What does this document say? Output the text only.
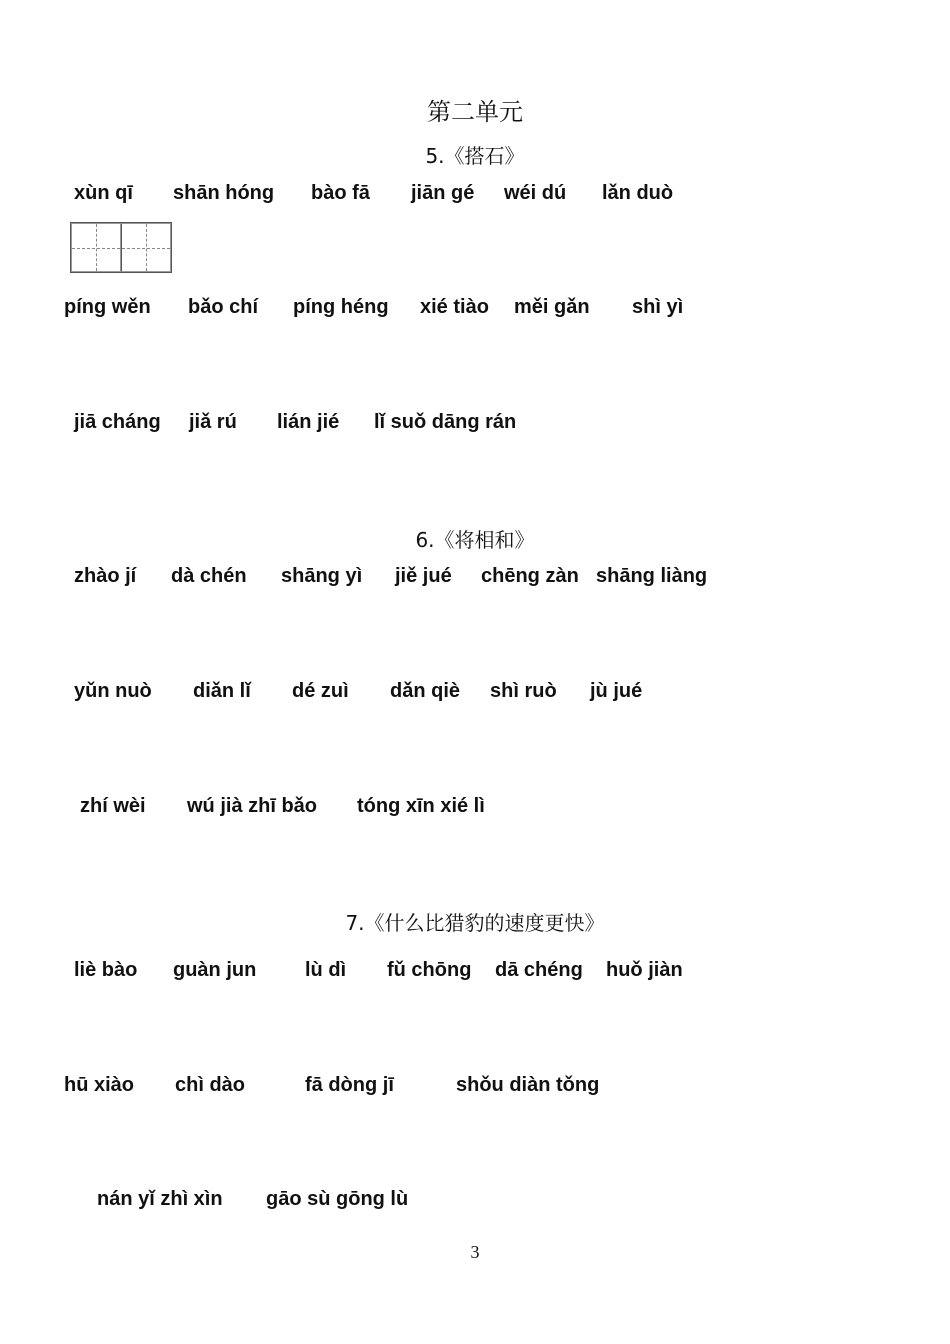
第二单元
5.《搭石》
xùn qī shān hóng bào fā jiān gé wéi dú lǎn duò
píng wěn bǎo chí píng héng xié tiào měi gǎn shì yì
jiā cháng jiǎ rú lián jié lǐ suǒ dāng rán
6.《将相和》
zhào jí dà chén shāng yì jiě jué chēng zàn shāng liàng
yǔn nuò diǎn lǐ dé zuì dǎn qiè shì ruò jù jué
zhí wèi wú jià zhī bǎo tóng xīn xié lì
7.《什么比猎豹的速度更快》
liè bào guàn jun lù dì fǔ chōng dā chéng huǒ jiàn
hū xiào chì dào	fā dòng jī	shǒu diàn tǒng
nán yǐ zhì xìn gāo sù gōng lù
3
